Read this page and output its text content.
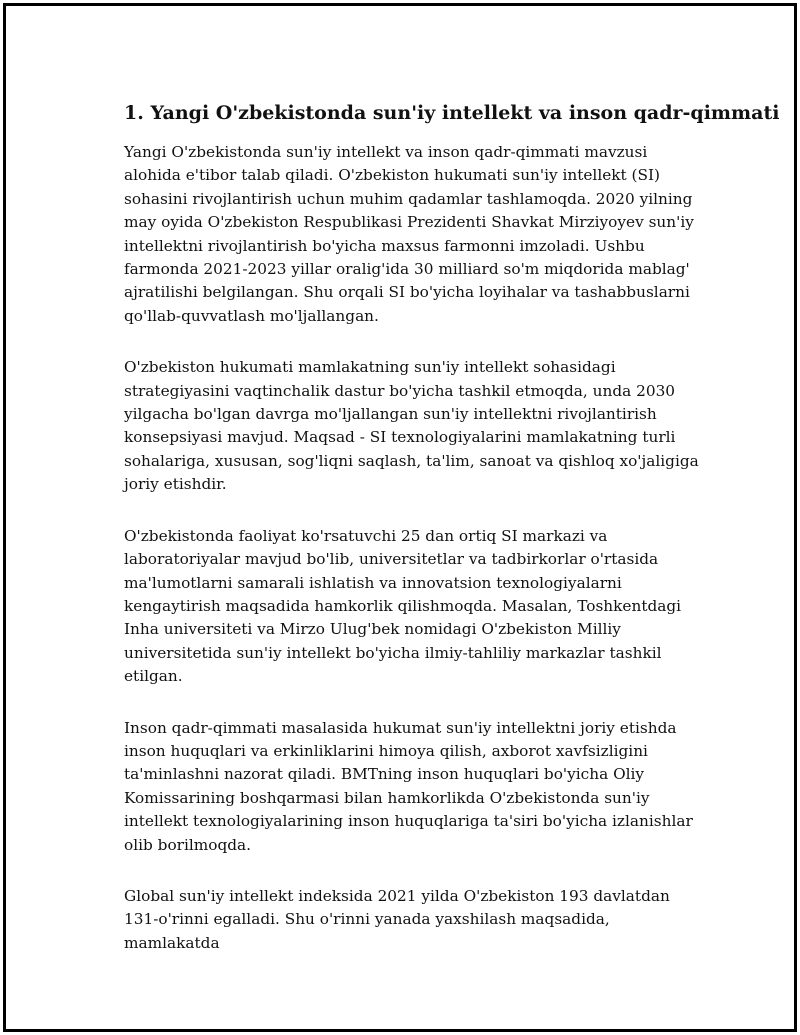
1. Yangi O'zbekistonda sun'iy intellekt va inson qadr-qimmati

Yangi O'zbekistonda sun'iy intellekt va inson qadr-qimmati mavzusi alohida e'tibor talab qiladi. O'zbekiston hukumati sun'iy intellekt (SI) sohasini rivojlantirish uchun muhim qadamlar tashlamoqda. 2020 yilning may oyida O'zbekiston Respublikasi Prezidenti Shavkat Mirziyoyev sun'iy intellektni rivojlantirish bo'yicha maxsus farmonni imzoladi. Ushbu farmonda 2021-2023 yillar oralig'ida 30 milliard so'm miqdorida mablag' ajratilishi belgilangan. Shu orqali SI bo'yicha loyihalar va tashabbuslarni qo'llab-quvvatlash mo'ljallangan.

O'zbekiston hukumati mamlakatning sun'iy intellekt sohasidagi strategiyasini vaqtinchalik dastur bo'yicha tashkil etmoqda, unda 2030 yilgacha bo'lgan davrga mo'ljallangan sun'iy intellektni rivojlantirish konsepsiyasi mavjud. Maqsad - SI texnologiyalarini mamlakatning turli sohalariga, xususan, sog'liqni saqlash, ta'lim, sanoat va qishloq xo'jaligiga joriy etishdir.

O'zbekistonda faoliyat ko'rsatuvchi 25 dan ortiq SI markazi va laboratoriyalar mavjud bo'lib, universitetlar va tadbirkorlar o'rtasida ma'lumotlarni samarali ishlatish va innovatsion texnologiyalarni kengaytirish maqsadida hamkorlik qilishmoqda. Masalan, Toshkentdagi Inha universiteti va Mirzo Ulug'bek nomidagi O'zbekiston Milliy universitetida sun'iy intellekt bo'yicha ilmiy-tahliliy markazlar tashkil etilgan.

Inson qadr-qimmati masalasida hukumat sun'iy intellektni joriy etishda inson huquqlari va erkinliklarini himoya qilish, axborot xavfsizligini ta'minlashni nazorat qiladi. BMTning inson huquqlari bo'yicha Oliy Komissarining boshqarmasi bilan hamkorlikda O'zbekistonda sun'iy intellekt texnologiyalarining inson huquqlariga ta'siri bo'yicha izlanishlar olib borilmoqda.

Global sun'iy intellekt indeksida 2021 yilda O'zbekiston 193 davlatdan 131-o'rinni egalladi. Shu o'rinni yanada yaxshilash maqsadida, mamlakatda
